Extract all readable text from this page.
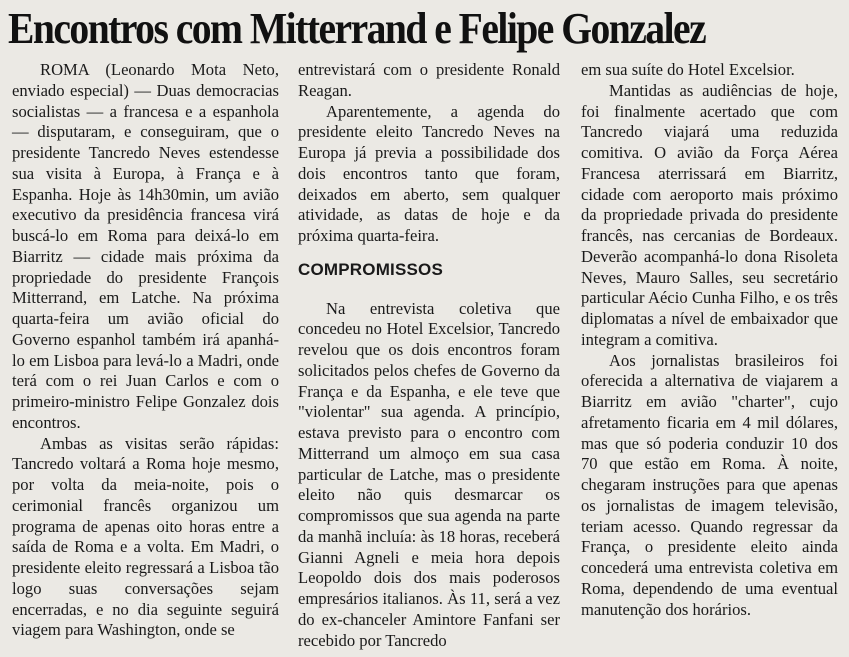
Encontros com Mitterrand e Felipe Gonzalez

ROMA (Leonardo Mota Neto, enviado especial) — Duas democracias socialistas — a francesa e a espanhola — disputaram, e conseguiram, que o presidente Tancredo Neves estendesse sua visita à Europa, à França e à Espanha. Hoje às 14h30min, um avião executivo da presidência francesa virá buscá-lo em Roma para deixá-lo em Biarritz — cidade mais próxima da propriedade do presidente François Mitterrand, em Latche. Na próxima quarta-feira um avião oficial do Governo espanhol também irá apanhá-lo em Lisboa para levá-lo a Madri, onde terá com o rei Juan Carlos e com o primeiro-ministro Felipe Gonzalez dois encontros.

Ambas as visitas serão rápidas: Tancredo voltará a Roma hoje mesmo, por volta da meia-noite, pois o cerimonial francês organizou um programa de apenas oito horas entre a saída de Roma e a volta. Em Madri, o presidente eleito regressará a Lisboa tão logo suas conversações sejam encerradas, e no dia seguinte seguirá viagem para Washington, onde se

entrevistará com o presidente Ronald Reagan.

Aparentemente, a agenda do presidente eleito Tancredo Neves na Europa já previa a possibilidade dos dois encontros tanto que foram, deixados em aberto, sem qualquer atividade, as datas de hoje e da próxima quarta-feira.

COMPROMISSOS

Na entrevista coletiva que concedeu no Hotel Excelsior, Tancredo revelou que os dois encontros foram solicitados pelos chefes de Governo da França e da Espanha, e ele teve que "violentar" sua agenda. A princípio, estava previsto para o encontro com Mitterrand um almoço em sua casa particular de Latche, mas o presidente eleito não quis desmarcar os compromissos que sua agenda na parte da manhã incluía: às 18 horas, receberá Gianni Agneli e meia hora depois Leopoldo dois dos mais poderosos empresários italianos. Às 11, será a vez do ex-chanceler Amintore Fanfani ser recebido por Tancredo

em sua suíte do Hotel Excelsior.

Mantidas as audiências de hoje, foi finalmente acertado que com Tancredo viajará uma reduzida comitiva. O avião da Força Aérea Francesa aterrissará em Biarritz, cidade com aeroporto mais próximo da propriedade privada do presidente francês, nas cercanias de Bordeaux. Deverão acompanhá-lo dona Risoleta Neves, Mauro Salles, seu secretário particular Aécio Cunha Filho, e os três diplomatas a nível de embaixador que integram a comitiva.

Aos jornalistas brasileiros foi oferecida a alternativa de viajarem a Biarritz em avião "charter", cujo afretamento ficaria em 4 mil dólares, mas que só poderia conduzir 10 dos 70 que estão em Roma. À noite, chegaram instruções para que apenas os jornalistas de imagem televisão, teriam acesso. Quando regressar da França, o presidente eleito ainda concederá uma entrevista coletiva em Roma, dependendo de uma eventual manutenção dos horários.
